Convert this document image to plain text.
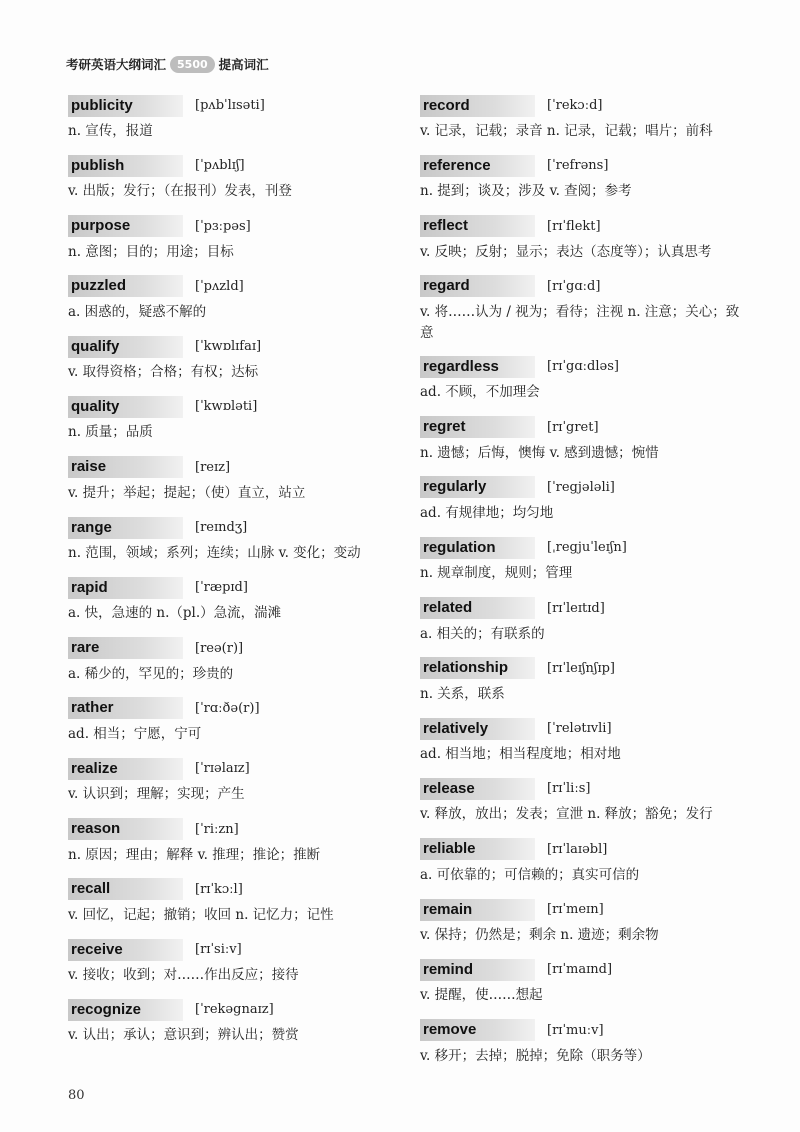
考研英语大纲词汇	5500 提高词汇
publicity	[pʌbˈlɪsəti]
n. 宣传，报道
publish	[ˈpʌblɪʃ]
v. 出版；发行；（在报刊）发表，刊登
purpose	[ˈpɜːpəs]
n. 意图；目的；用途；目标
puzzled	[ˈpʌzld]
a. 困惑的，疑惑不解的
qualify	[ˈkwɒlɪfaɪ]
v. 取得资格；合格；有权；达标
quality	[ˈkwɒləti]
n. 质量；品质
raise	[reɪz]
v. 提升；举起；提起；（使）直立，站立
range	[reɪndʒ]
n. 范围，领域；系列；连续；山脉 v. 变化；变动
rapid	[ˈræpɪd]
a. 快，急速的 n.（pl.）急流，湍滩
rare	[reə(r)]
a. 稀少的，罕见的；珍贵的
rather	[ˈrɑːðə(r)]
ad. 相当；宁愿，宁可
realize	[ˈrɪəlaɪz]
v. 认识到；理解；实现；产生
reason	[ˈriːzn]
n. 原因；理由；解释 v. 推理；推论；推断
recall	[rɪˈkɔːl]
v. 回忆，记起；撤销；收回 n. 记忆力；记性
receive	[rɪˈsiːv]
v. 接收；收到；对……作出反应；接待
recognize	[ˈrekəgnaɪz]
v. 认出；承认；意识到；辨认出；赞赏
record	[ˈrekɔːd]
v. 记录，记载；录音 n. 记录，记载；唱片；前科
reference	[ˈrefrəns]
n. 提到；谈及；涉及 v. 查阅；参考
reflect	[rɪˈflekt]
v. 反映；反射；显示；表达（态度等）；认真思考
regard	[rɪˈgɑːd]
v. 将……认为 / 视为；看待；注视 n. 注意；关心；致意
regardless	[rɪˈgɑːdləs]
ad. 不顾，不加理会
regret	[rɪˈgret]
n. 遗憾；后悔，懊悔 v. 感到遗憾；惋惜
regularly	[ˈregjələli]
ad. 有规律地；均匀地
regulation	[ˌregjuˈleɪʃn]
n. 规章制度，规则；管理
related	[rɪˈleɪtɪd]
a. 相关的；有联系的
relationship	[rɪˈleɪʃnʃɪp]
n. 关系，联系
relatively	[ˈrelətɪvli]
ad. 相当地；相当程度地；相对地
release	[rɪˈliːs]
v. 释放，放出；发表；宣泄 n. 释放；豁免；发行
reliable	[rɪˈlaɪəbl]
a. 可依靠的；可信赖的；真实可信的
remain	[rɪˈmeɪn]
v. 保持；仍然是；剩余 n. 遗迹；剩余物
remind	[rɪˈmaɪnd]
v. 提醒，使……想起
remove	[rɪˈmuːv]
v. 移开；去掉；脱掉；免除（职务等）
80
